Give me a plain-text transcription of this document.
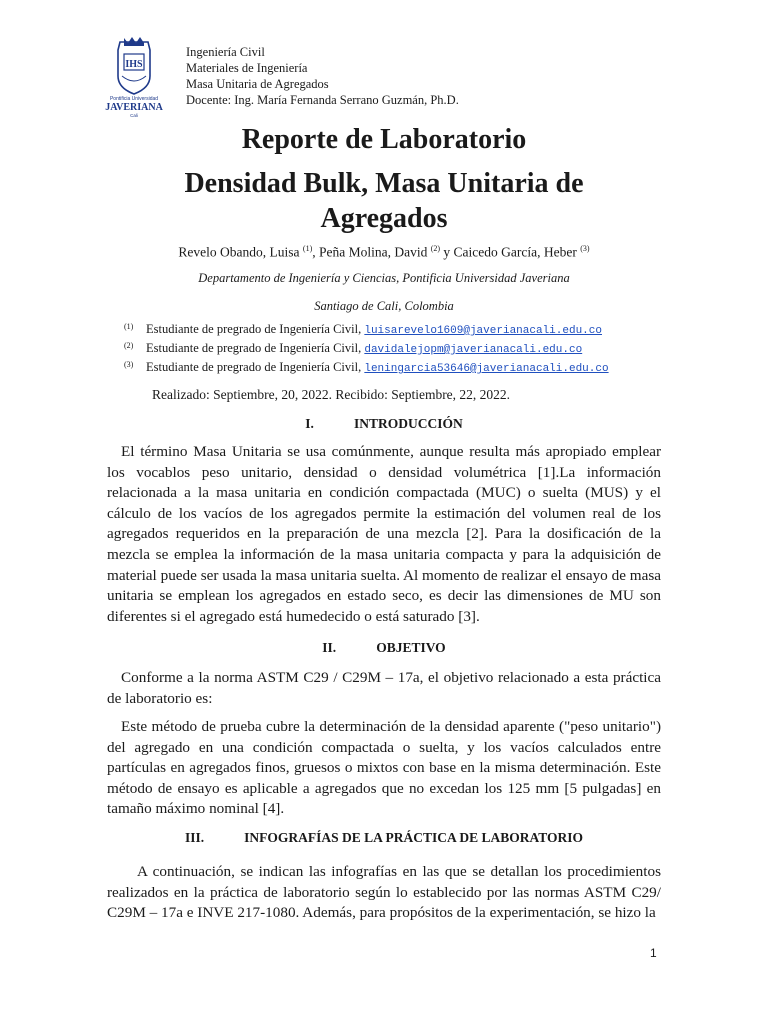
IHS
Pontificia Universidad
JAVERIANA
Cali
Ingeniería Civil
Materiales de Ingeniería
Masa Unitaria de Agregados
Docente: Ing. María Fernanda Serrano Guzmán, Ph.D.
Reporte de Laboratorio
Densidad Bulk, Masa Unitaria de
Agregados
Revelo Obando, Luisa $^{(1)}$, Peña Molina, David $^{(2)}$ y Caicedo García, Heber $^{(3)}$
Departamento de Ingeniería y Ciencias, Pontificia Universidad Javeriana
Santiago de Cali, Colombia
$^{(1)}$ Estudiante de pregrado de Ingeniería Civil, luisarevelo1609@javerianacali.edu.co
$^{(2)}$ Estudiante de pregrado de Ingeniería Civil, davidalejopm@javerianacali.edu.co
$^{(3)}$ Estudiante de pregrado de Ingeniería Civil, leningarcia53646@javerianacali.edu.co
Realizado: Septiembre, 20, 2022. Recibido: Septiembre, 22, 2022.
I.	INTRODUCCIÓN
El término Masa Unitaria se usa comúnmente, aunque resulta más apropiado emplear los vocablos peso unitario, densidad o densidad volumétrica [1].La información relacionada a la masa unitaria en condición compactada (MUC) o suelta (MUS) y el cálculo de los vacíos de los agregados permite la estimación del volumen real de los agregados requeridos en la preparación de una mezcla [2]. Para la dosificación de la mezcla se emplea la información de la masa unitaria compacta y para la adquisición de material puede ser usada la masa unitaria suelta. Al momento de realizar el ensayo de masa unitaria se emplean los agregados en estado seco, es decir las dimensiones de MU son diferentes si el agregado está humedecido o está saturado [3].
II.	OBJETIVO
Conforme a la norma ASTM C29 / C29M – 17a, el objetivo relacionado a esta práctica de laboratorio es:
Este método de prueba cubre la determinación de la densidad aparente ("peso unitario") del agregado en una condición compactada o suelta, y los vacíos calculados entre partículas en agregados finos, gruesos o mixtos con base en la misma determinación. Este método de ensayo es aplicable a agregados que no excedan los 125 mm [5 pulgadas] en tamaño máximo nominal [4].
III.	INFOGRAFÍAS DE LA PRÁCTICA DE LABORATORIO
A continuación, se indican las infografías en las que se detallan los procedimientos realizados en la práctica de laboratorio según lo establecido por las normas ASTM C29/ C29M – 17a e INVE 217-1080. Además, para propósitos de la experimentación, se hizo la
1
